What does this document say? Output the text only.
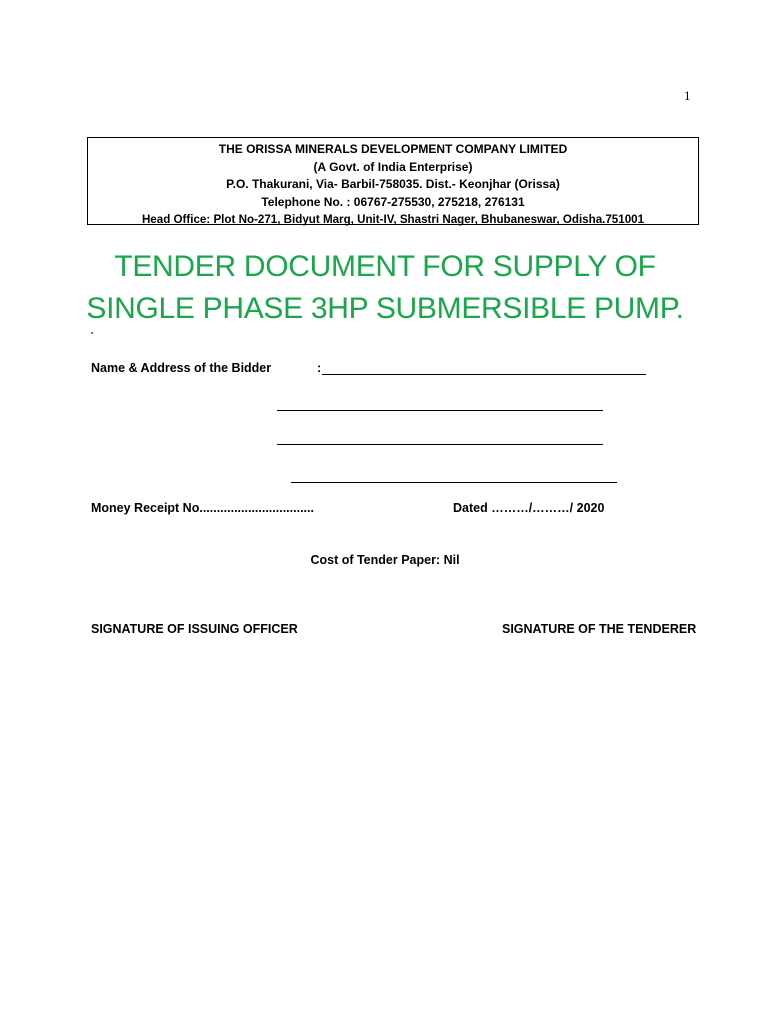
1
THE ORISSA MINERALS DEVELOPMENT COMPANY LIMITED
(A Govt. of India Enterprise)
P.O. Thakurani, Via- Barbil-758035. Dist.- Keonjhar (Orissa)
Telephone No. : 06767-275530, 275218, 276131
Head Office: Plot No-271, Bidyut Marg, Unit-IV, Shastri Nager, Bhubaneswar, Odisha.751001
TENDER DOCUMENT FOR SUPPLY OF
SINGLE PHASE 3HP SUBMERSIBLE PUMP.
Name & Address of the Bidder	:
Money Receipt No.................................	Dated ………/………/ 2020
Cost of Tender Paper: Nil
SIGNATURE OF ISSUING OFFICER	SIGNATURE OF THE TENDERER
